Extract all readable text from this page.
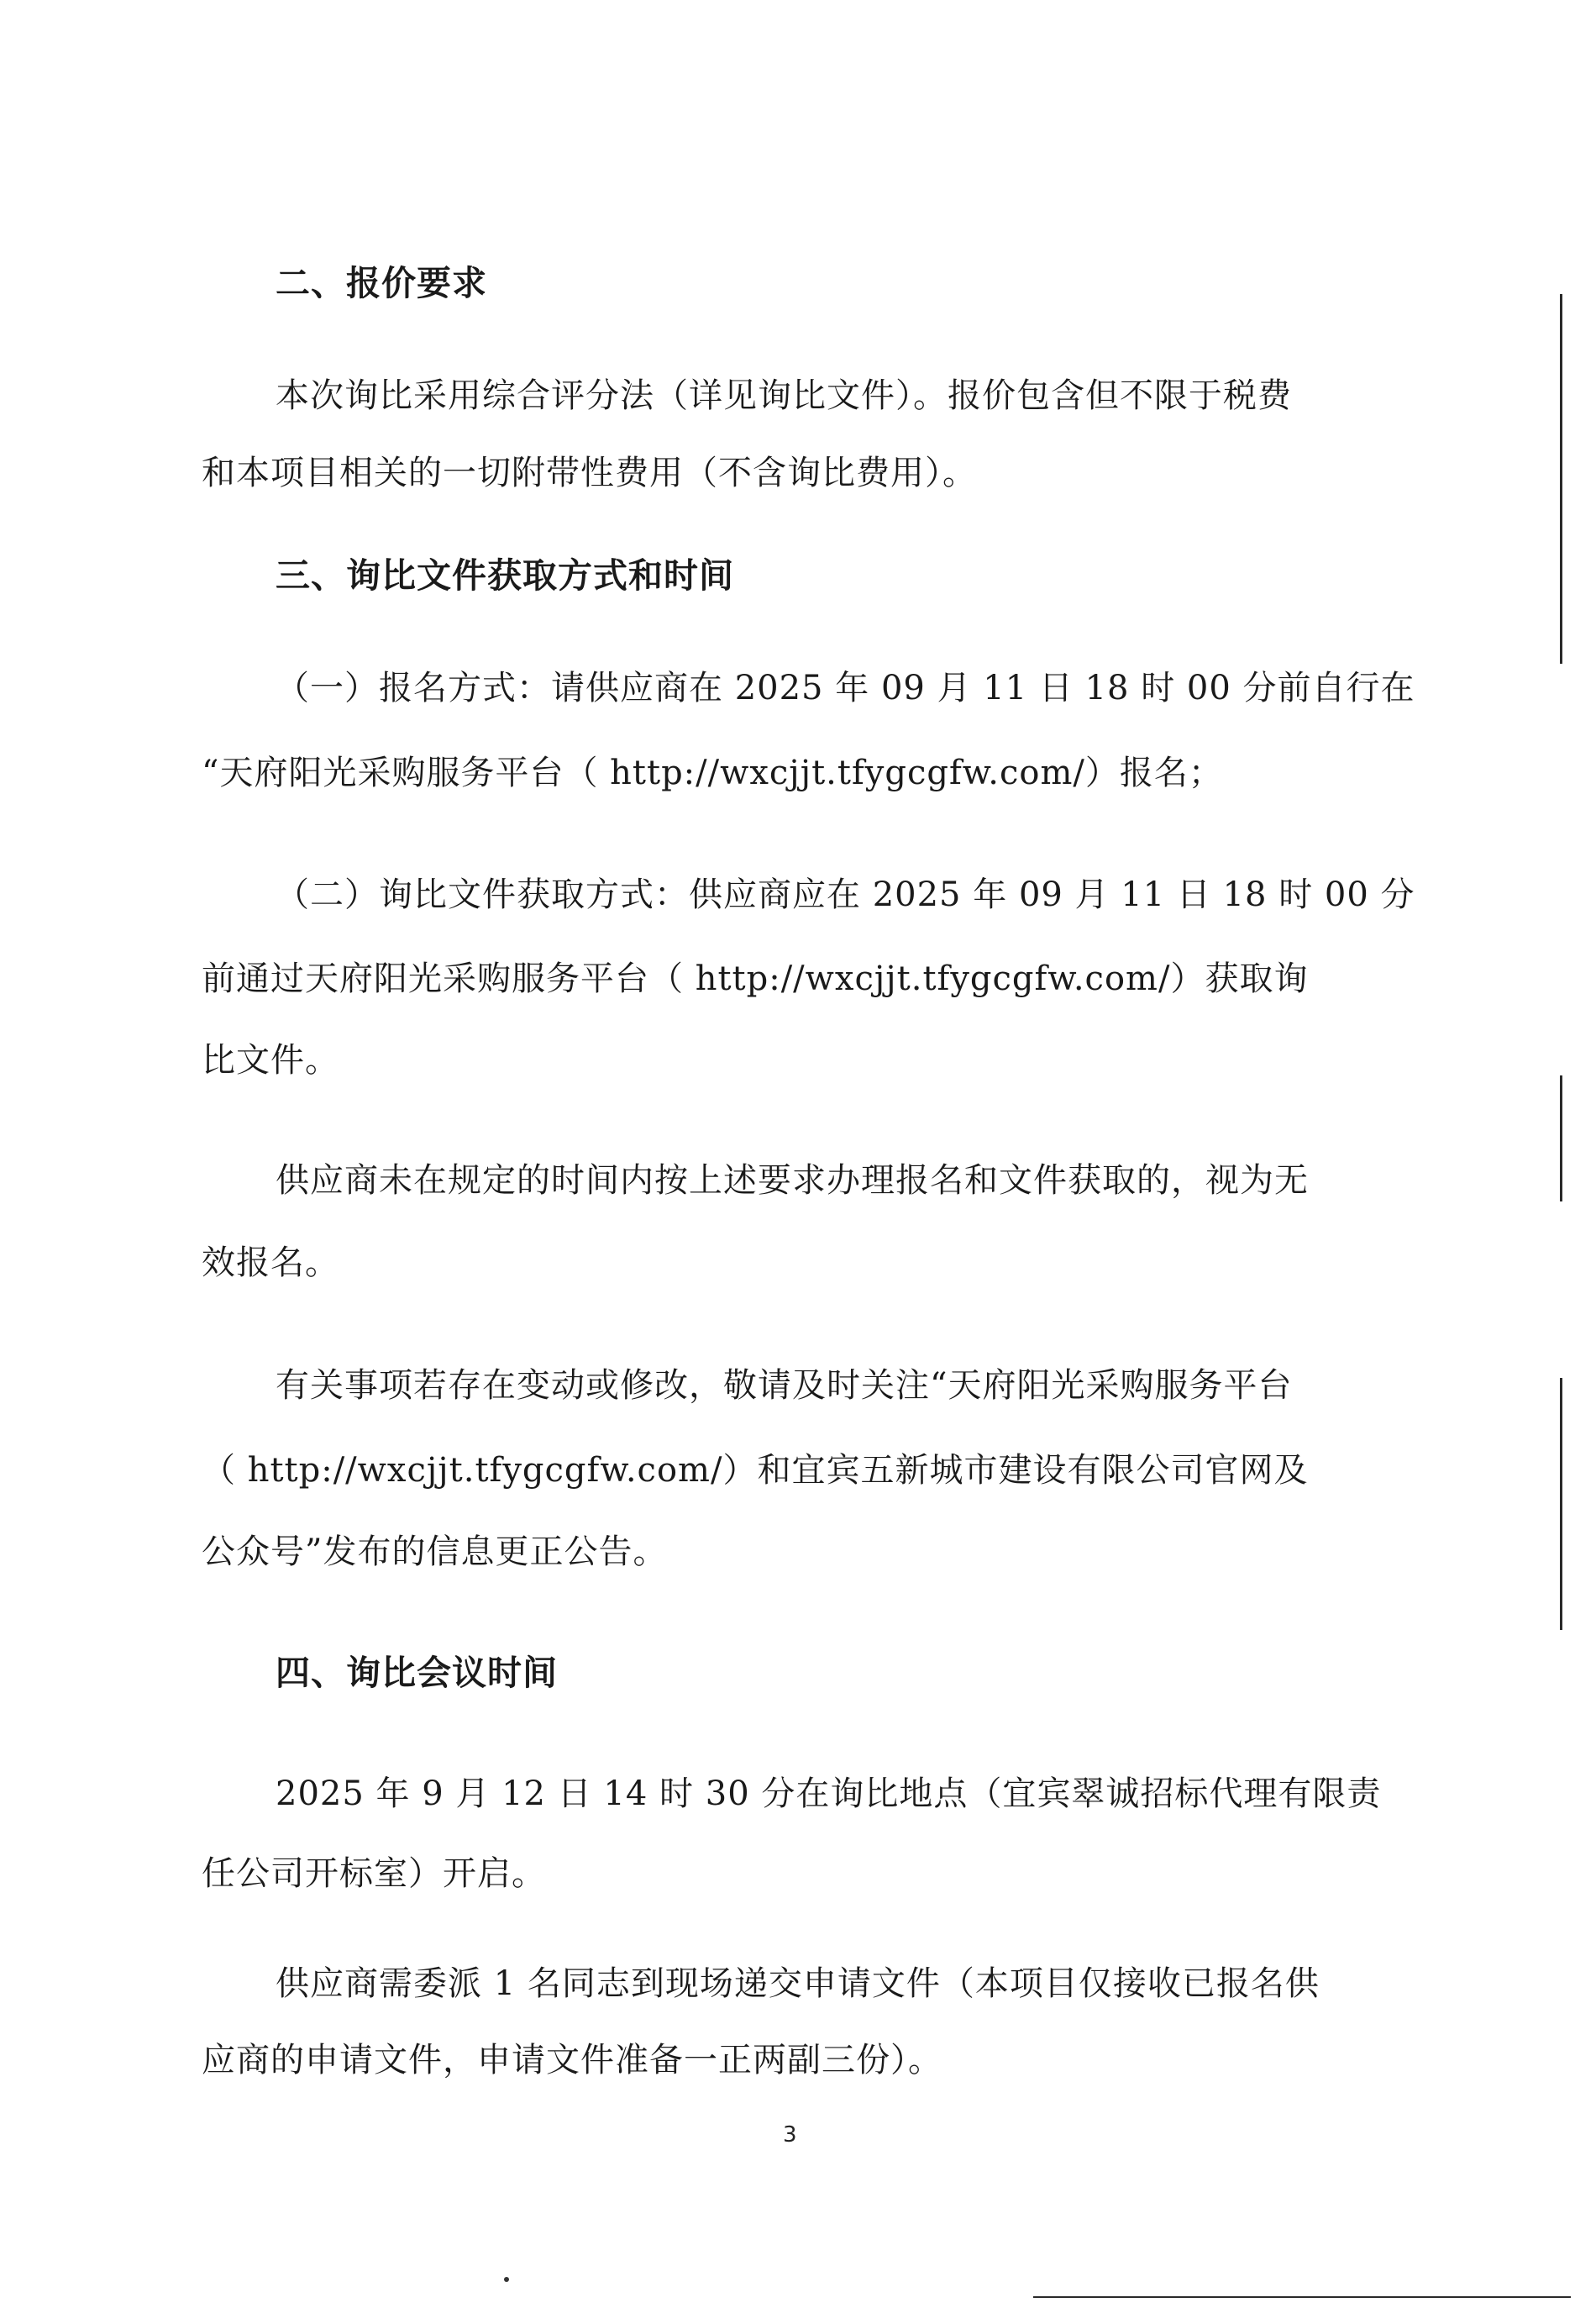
二、报价要求
本次询比采用综合评分法（详见询比文件）。报价包含但不限于税费
和本项目相关的一切附带性费用（不含询比费用）。
三、询比文件获取方式和时间
（一）报名方式：请供应商在 2025 年 09 月 11 日 18 时 00 分前自行在
“天府阳光采购服务平台（ http://wxcjjt.tfygcgfw.com/）报名；
（二）询比文件获取方式：供应商应在 2025 年 09 月 11 日 18 时 00 分
前通过天府阳光采购服务平台（ http://wxcjjt.tfygcgfw.com/）获取询
比文件。
供应商未在规定的时间内按上述要求办理报名和文件获取的，视为无
效报名。
有关事项若存在变动或修改，敬请及时关注“天府阳光采购服务平台
（ http://wxcjjt.tfygcgfw.com/）和宜宾五新城市建设有限公司官网及
公众号”发布的信息更正公告。
四、询比会议时间
2025 年 9 月 12 日 14 时 30 分在询比地点（宜宾翠诚招标代理有限责
任公司开标室）开启。
供应商需委派 1 名同志到现场递交申请文件（本项目仅接收已报名供
应商的申请文件，申请文件准备一正两副三份）。
3
